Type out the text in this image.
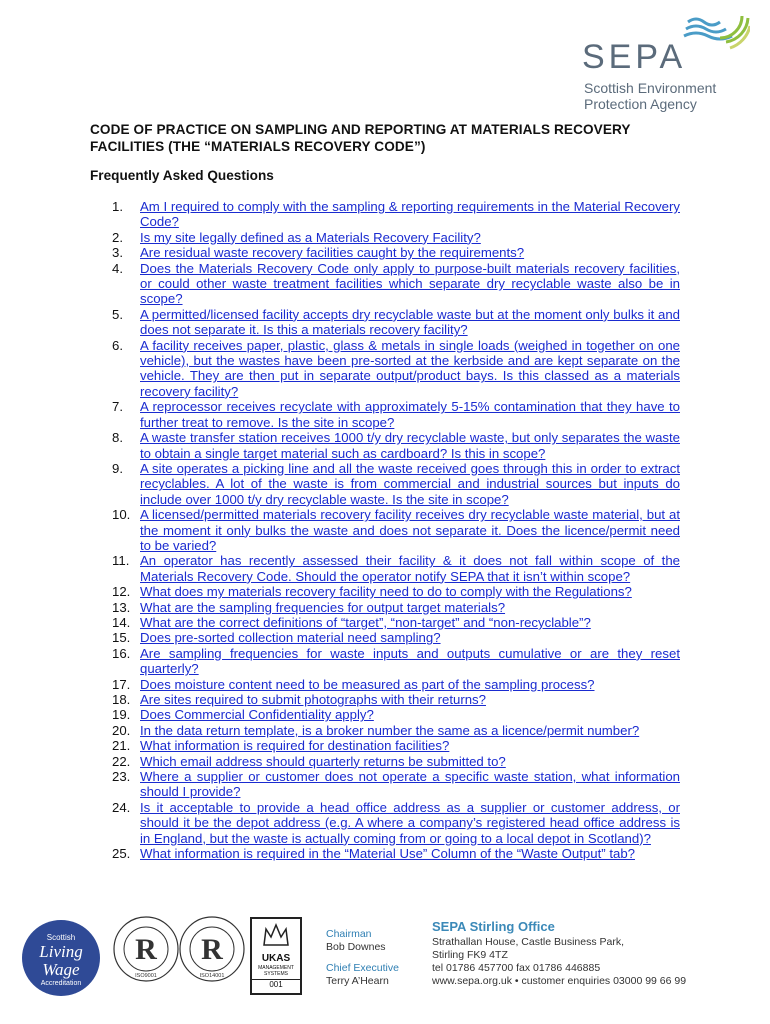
SEPA
Scottish Environment
Protection Agency
CODE OF PRACTICE ON SAMPLING AND REPORTING AT MATERIALS RECOVERY
FACILITIES (THE “MATERIALS RECOVERY CODE”)
Frequently Asked Questions
1.	Am I required to comply with the sampling & reporting requirements in the Material Recovery Code?
2.	Is my site legally defined as a Materials Recovery Facility?
3.	Are residual waste recovery facilities caught by the requirements?
4.	Does the Materials Recovery Code only apply to purpose-built materials recovery facilities, or could other waste treatment facilities which separate dry recyclable waste also be in scope?
5.	A permitted/licensed facility accepts dry recyclable waste but at the moment only bulks it and does not separate it. Is this a materials recovery facility?
6.	A facility receives paper, plastic, glass & metals in single loads (weighed in together on one vehicle), but the wastes have been pre-sorted at the kerbside and are kept separate on the vehicle. They are then put in separate output/product bays. Is this classed as a materials recovery facility?
7.	A reprocessor receives recyclate with approximately 5-15% contamination that they have to further treat to remove. Is the site in scope?
8.	A waste transfer station receives 1000 t/y dry recyclable waste, but only separates the waste to obtain a single target material such as cardboard? Is this in scope?
9.	A site operates a picking line and all the waste received goes through this in order to extract recyclables. A lot of the waste is from commercial and industrial sources but inputs do include over 1000 t/y dry recyclable waste. Is the site in scope?
10. A licensed/permitted materials recovery facility receives dry recyclable waste material, but at the moment it only bulks the waste and does not separate it. Does the licence/permit need to be varied?
11. An operator has recently assessed their facility & it does not fall within scope of the Materials Recovery Code. Should the operator notify SEPA that it isn’t within scope?
12. What does my materials recovery facility need to do to comply with the Regulations?
13. What are the sampling frequencies for output target materials?
14. What are the correct definitions of “target”, “non-target” and “non-recyclable”?
15. Does pre-sorted collection material need sampling?
16. Are sampling frequencies for waste inputs and outputs cumulative or are they reset quarterly?
17. Does moisture content need to be measured as part of the sampling process?
18. Are sites required to submit photographs with their returns?
19. Does Commercial Confidentiality apply?
20. In the data return template, is a broker number the same as a licence/permit number?
21. What information is required for destination facilities?
22. Which email address should quarterly returns be submitted to?
23. Where a supplier or customer does not operate a specific waste station, what information should I provide?
24. Is it acceptable to provide a head office address as a supplier or customer address, or should it be the depot address (e.g. A where a company’s registered head office address is in England, but the waste is actually coming from or going to a local depot in Scotland)?
25. What information is required in the “Material Use” Column of the “Waste Output” tab?
Scottish
Living
Wage
Accreditation
R
ISO9001
R
ISO14001
UKAS
MANAGEMENT SYSTEMS
001
Chairman
Bob Downes
Chief Executive
Terry A’Hearn
SEPA Stirling Office
Strathallan House, Castle Business Park,
Stirling FK9 4TZ
tel 01786 457700 fax 01786 446885
www.sepa.org.uk • customer enquiries 03000 99 66 99
